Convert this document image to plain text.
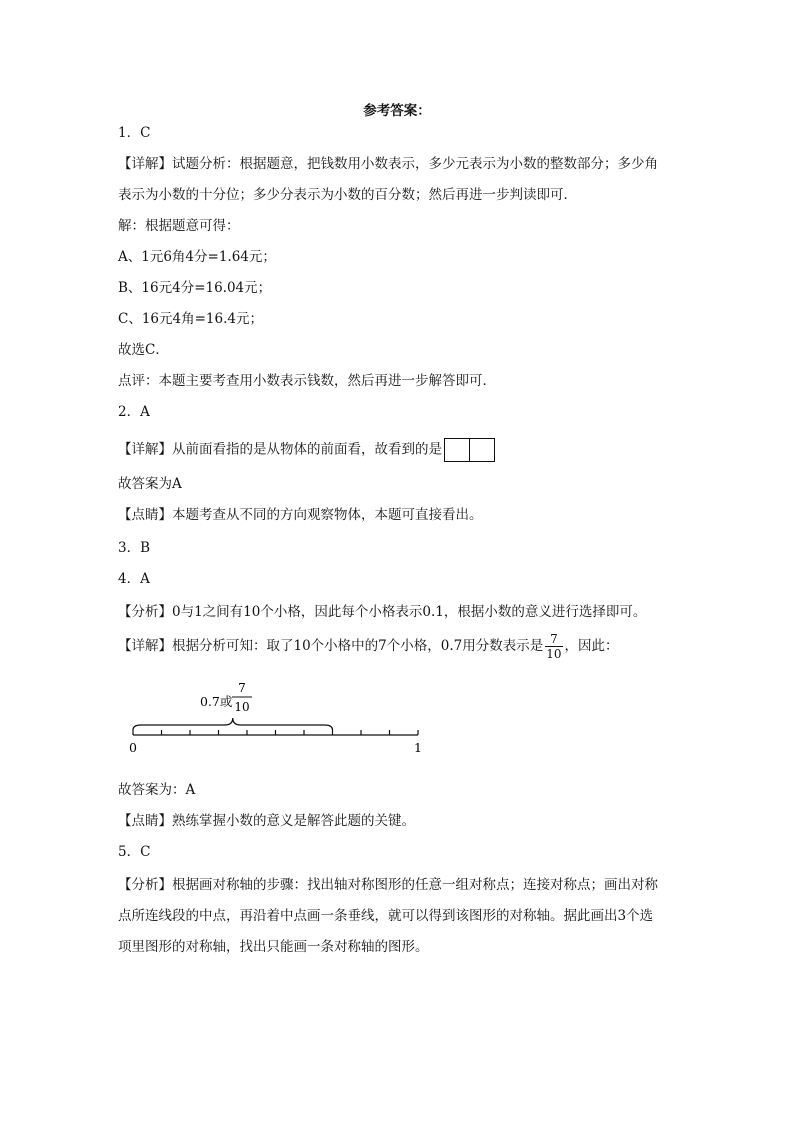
参考答案：
1．C
【详解】试题分析：根据题意，把钱数用小数表示，多少元表示为小数的整数部分；多少角
表示为小数的十分位；多少分表示为小数的百分数；然后再进一步判读即可．
解：根据题意可得：
A、1元6角4分=1.64元；
B、16元4分=16.04元；
C、16元4角=16.4元；
故选C．
点评：本题主要考查用小数表示钱数，然后再进一步解答即可．
2．A
【详解】从前面看指的是从物体的前面看，故看到的是
故答案为A
【点睛】本题考查从不同的方向观察物体，本题可直接看出。
3．B
4．A
【分析】0与1之间有10个小格，因此每个小格表示0.1，根据小数的意义进行选择即可。
【详解】根据分析可知：取了10个小格中的7个小格，0.7用分数表示是 $\frac{7}{10}$ ，因此：
0.7或
7
10
0	1
故答案为：A
【点睛】熟练掌握小数的意义是解答此题的关键。
5．C
【分析】根据画对称轴的步骤：找出轴对称图形的任意一组对称点；连接对称点；画出对称
点所连线段的中点，再沿着中点画一条垂线，就可以得到该图形的对称轴。据此画出3个选
项里图形的对称轴，找出只能画一条对称轴的图形。
